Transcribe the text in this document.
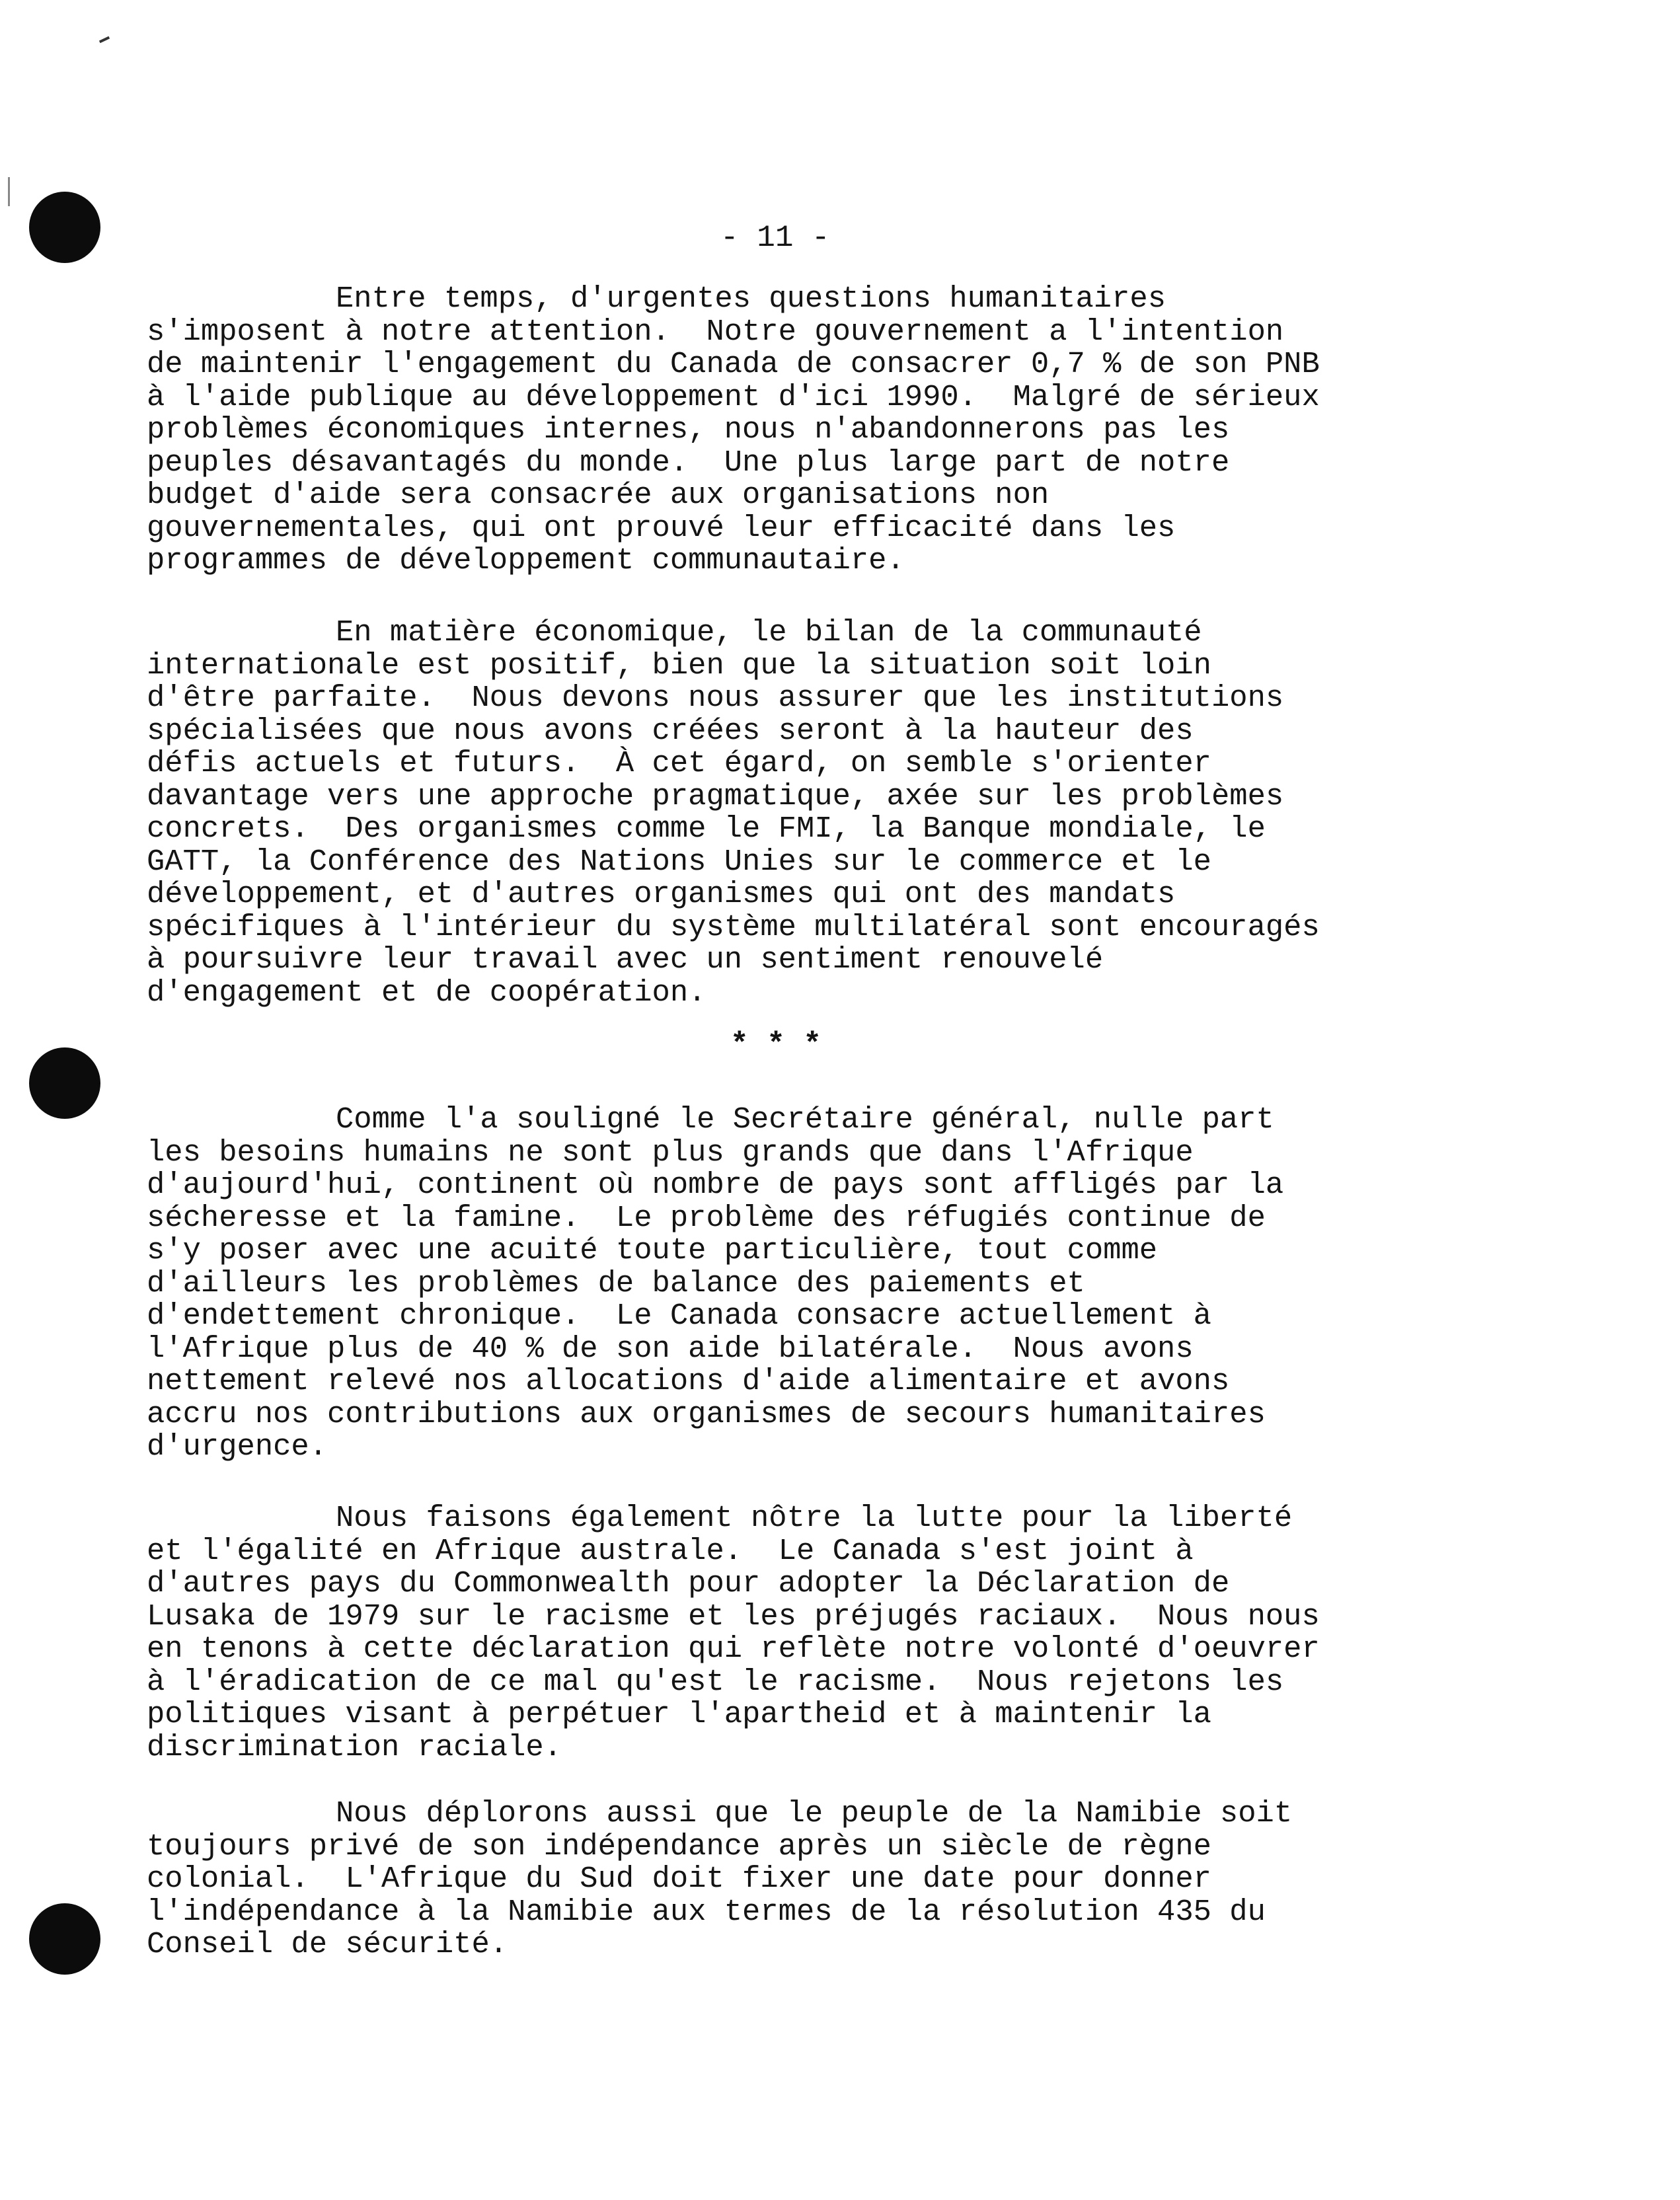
- 11 -
Entre temps, d'urgentes questions humanitaires
s'imposent à notre attention.  Notre gouvernement a l'intention
de maintenir l'engagement du Canada de consacrer 0,7 % de son PNB
à l'aide publique au développement d'ici 1990.  Malgré de sérieux
problèmes économiques internes, nous n'abandonnerons pas les
peuples désavantagés du monde.  Une plus large part de notre
budget d'aide sera consacrée aux organisations non
gouvernementales, qui ont prouvé leur efficacité dans les
programmes de développement communautaire.
En matière économique, le bilan de la communauté
internationale est positif, bien que la situation soit loin
d'être parfaite.  Nous devons nous assurer que les institutions
spécialisées que nous avons créées seront à la hauteur des
défis actuels et futurs.  À cet égard, on semble s'orienter
davantage vers une approche pragmatique, axée sur les problèmes
concrets.  Des organismes comme le FMI, la Banque mondiale, le
GATT, la Conférence des Nations Unies sur le commerce et le
développement, et d'autres organismes qui ont des mandats
spécifiques à l'intérieur du système multilatéral sont encouragés
à poursuivre leur travail avec un sentiment renouvelé
d'engagement et de coopération.
* * *
Comme l'a souligné le Secrétaire général, nulle part
les besoins humains ne sont plus grands que dans l'Afrique
d'aujourd'hui, continent où nombre de pays sont affligés par la
sécheresse et la famine.  Le problème des réfugiés continue de
s'y poser avec une acuité toute particulière, tout comme
d'ailleurs les problèmes de balance des paiements et
d'endettement chronique.  Le Canada consacre actuellement à
l'Afrique plus de 40 % de son aide bilatérale.  Nous avons
nettement relevé nos allocations d'aide alimentaire et avons
accru nos contributions aux organismes de secours humanitaires
d'urgence.
Nous faisons également nôtre la lutte pour la liberté
et l'égalité en Afrique australe.  Le Canada s'est joint à
d'autres pays du Commonwealth pour adopter la Déclaration de
Lusaka de 1979 sur le racisme et les préjugés raciaux.  Nous nous
en tenons à cette déclaration qui reflète notre volonté d'oeuvrer
à l'éradication de ce mal qu'est le racisme.  Nous rejetons les
politiques visant à perpétuer l'apartheid et à maintenir la
discrimination raciale.
Nous déplorons aussi que le peuple de la Namibie soit
toujours privé de son indépendance après un siècle de règne
colonial.  L'Afrique du Sud doit fixer une date pour donner
l'indépendance à la Namibie aux termes de la résolution 435 du
Conseil de sécurité.
